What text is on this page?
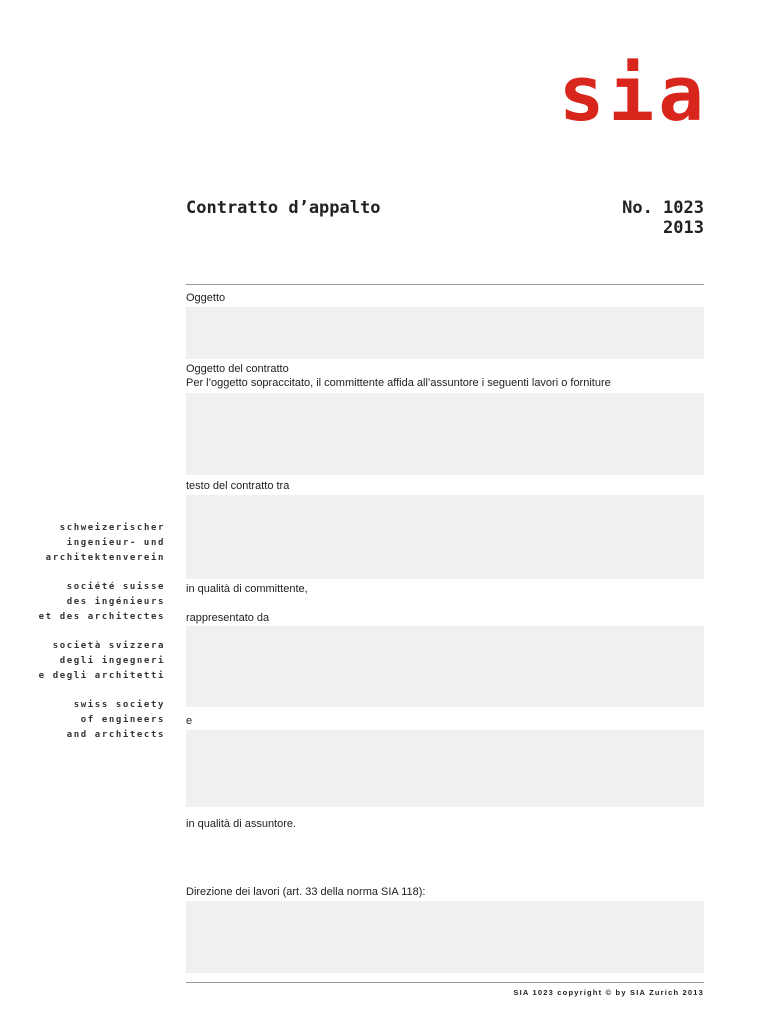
sia
Contratto d’appalto	No. 1023
2013
Oggetto
Oggetto del contratto
Per l’oggetto sopraccitato, il committente affida all’assuntore i seguenti lavori o forniture
testo del contratto tra
in qualità di committente,
rappresentato da
e
in qualità di assuntore.
Direzione dei lavori (art. 33 della norma SIA 118):
SIA 1023 copyright © by SIA Zurich 2013
schweizerischer
ingenieur- und
architektenverein
société suisse
des ingénieurs
et des architectes
società svizzera
degli ingegneri
e degli architetti
swiss society
of engineers
and architects
